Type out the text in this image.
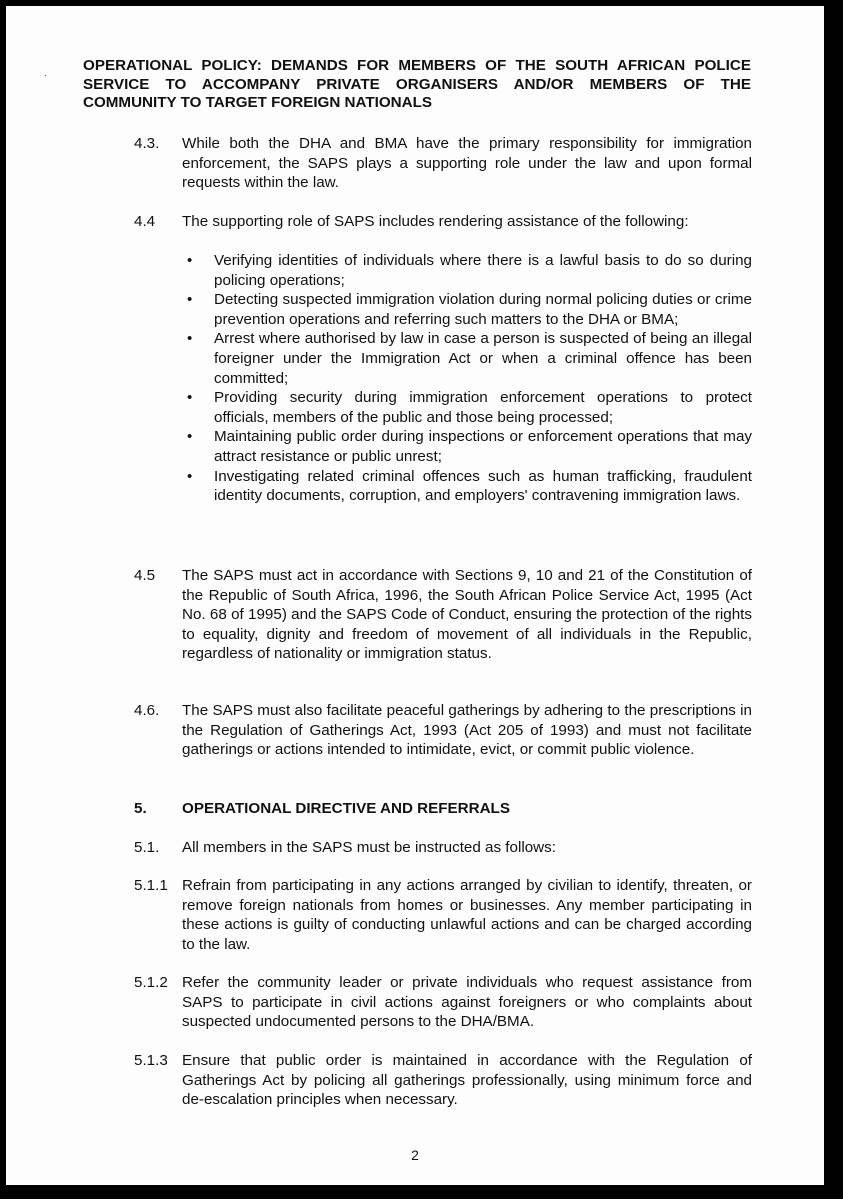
·

OPERATIONAL POLICY: DEMANDS FOR MEMBERS OF THE SOUTH AFRICAN POLICE SERVICE TO ACCOMPANY PRIVATE ORGANISERS AND/OR MEMBERS OF THE COMMUNITY TO TARGET FOREIGN NATIONALS

4.3. While both the DHA and BMA have the primary responsibility for immigration enforcement, the SAPS plays a supporting role under the law and upon formal requests within the law.
4.4 The supporting role of SAPS includes rendering assistance of the following:
• Verifying identities of individuals where there is a lawful basis to do so during policing operations;
• Detecting suspected immigration violation during normal policing duties or crime prevention operations and referring such matters to the DHA or BMA;
• Arrest where authorised by law in case a person is suspected of being an illegal foreigner under the Immigration Act or when a criminal offence has been committed;
• Providing security during immigration enforcement operations to protect officials, members of the public and those being processed;
• Maintaining public order during inspections or enforcement operations that may attract resistance or public unrest;
• Investigating related criminal offences such as human trafficking, fraudulent identity documents, corruption, and employers' contravening immigration laws.
4.5 The SAPS must act in accordance with Sections 9, 10 and 21 of the Constitution of the Republic of South Africa, 1996, the South African Police Service Act, 1995 (Act No. 68 of 1995) and the SAPS Code of Conduct, ensuring the protection of the rights to equality, dignity and freedom of movement of all individuals in the Republic, regardless of nationality or immigration status.
4.6. The SAPS must also facilitate peaceful gatherings by adhering to the prescriptions in the Regulation of Gatherings Act, 1993 (Act 205 of 1993) and must not facilitate gatherings or actions intended to intimidate, evict, or commit public violence.
5. OPERATIONAL DIRECTIVE AND REFERRALS
5.1. All members in the SAPS must be instructed as follows:
5.1.1 Refrain from participating in any actions arranged by civilian to identify, threaten, or remove foreign nationals from homes or businesses. Any member participating in these actions is guilty of conducting unlawful actions and can be charged according to the law.
5.1.2 Refer the community leader or private individuals who request assistance from SAPS to participate in civil actions against foreigners or who complaints about suspected undocumented persons to the DHA/BMA.
5.1.3 Ensure that public order is maintained in accordance with the Regulation of Gatherings Act by policing all gatherings professionally, using minimum force and de-escalation principles when necessary.
2
